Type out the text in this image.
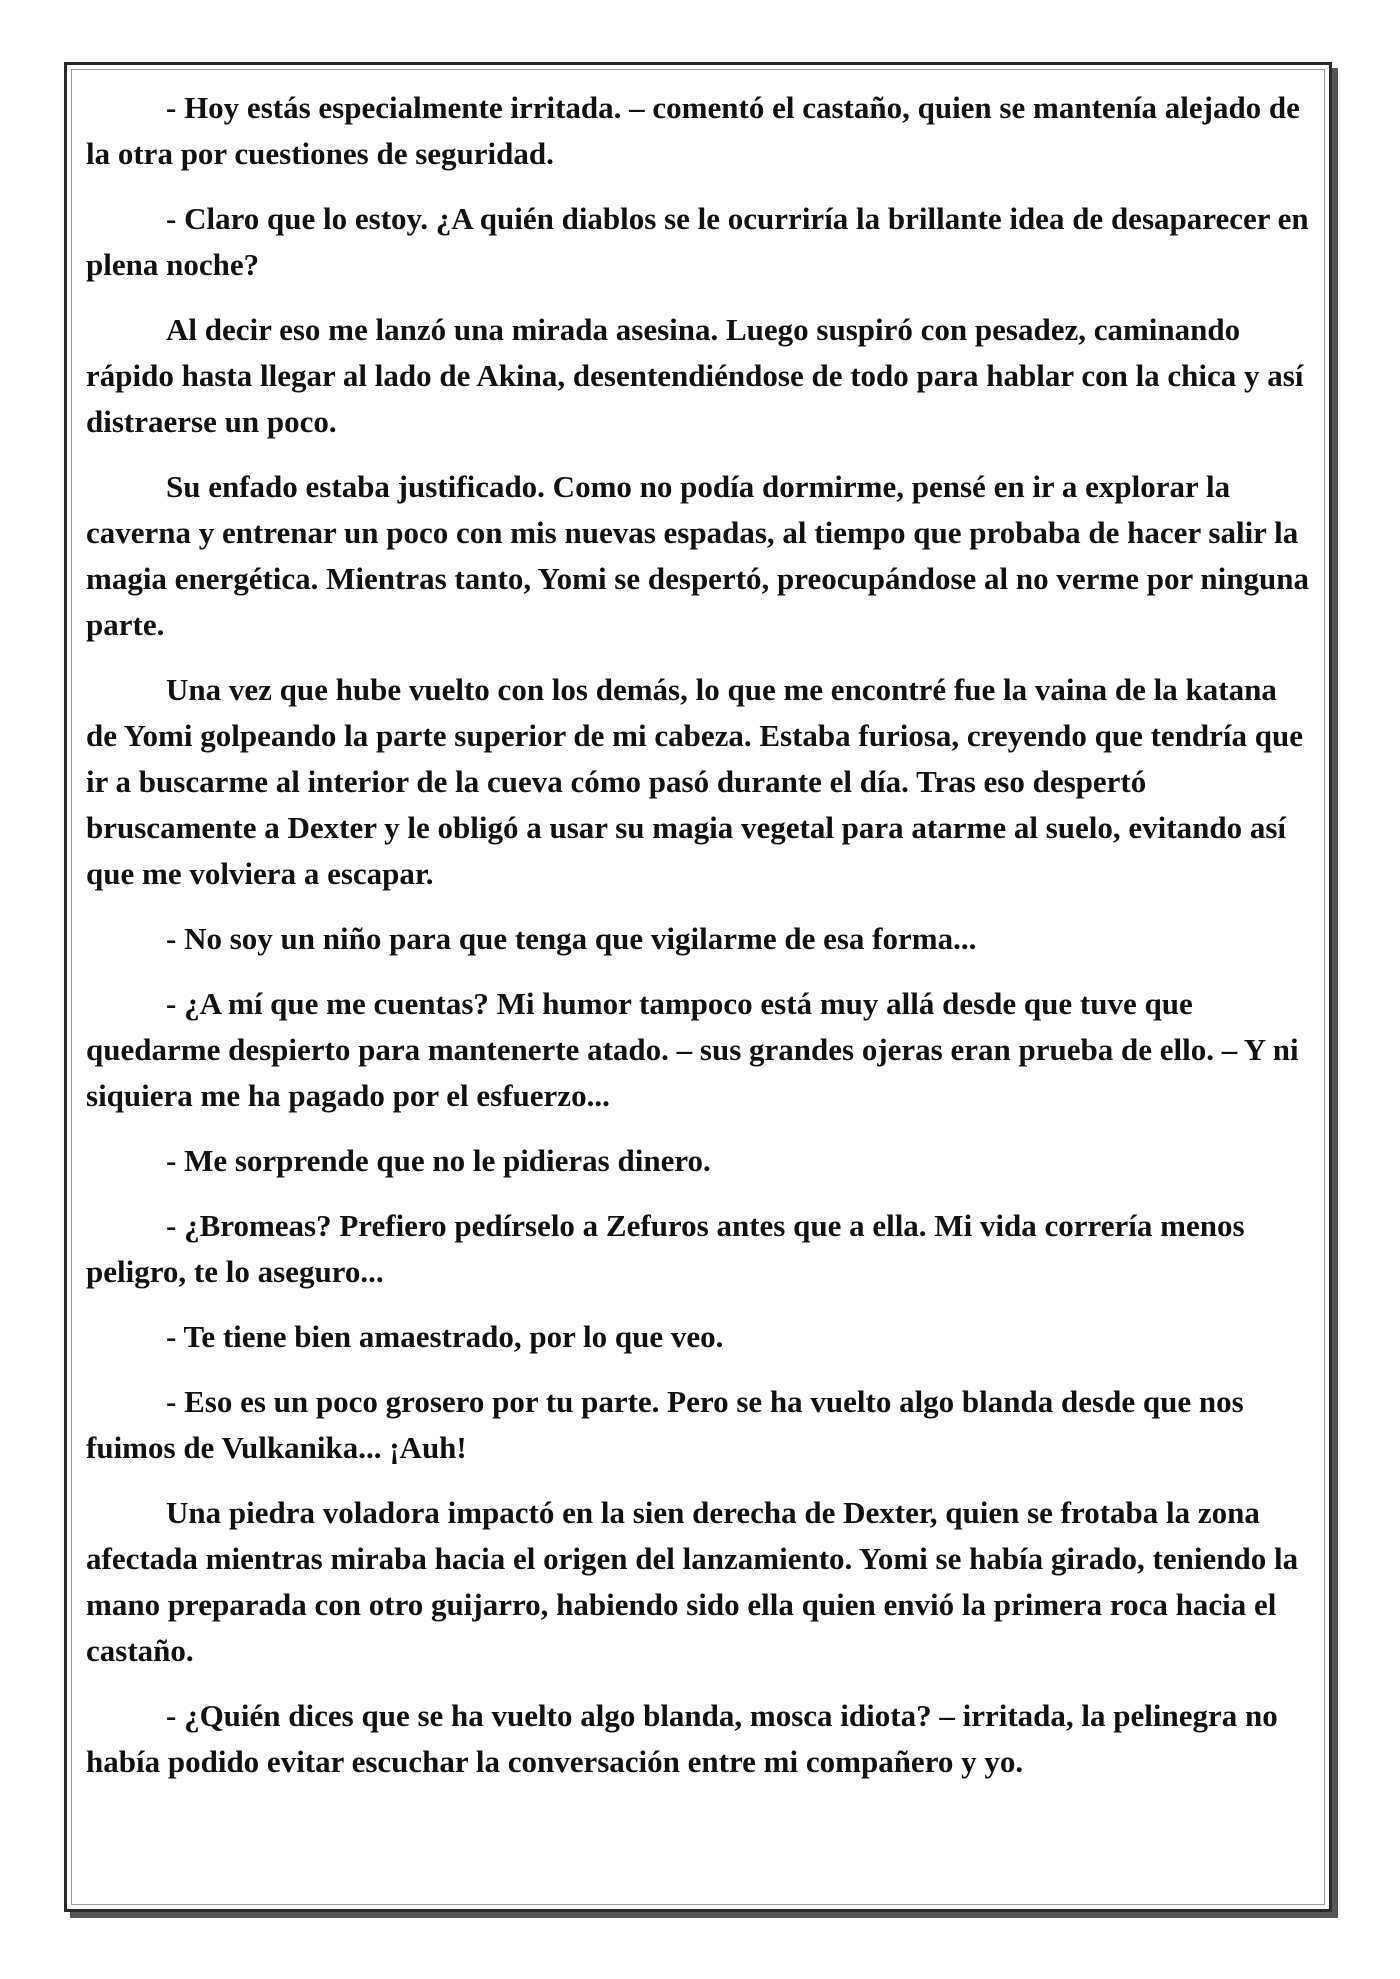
- Hoy estás especialmente irritada. – comentó el castaño, quien se mantenía alejado de la otra por cuestiones de seguridad.

- Claro que lo estoy. ¿A quién diablos se le ocurriría la brillante idea de desaparecer en plena noche?

Al decir eso me lanzó una mirada asesina. Luego suspiró con pesadez, caminando rápido hasta llegar al lado de Akina, desentendiéndose de todo para hablar con la chica y así distraerse un poco.

Su enfado estaba justificado. Como no podía dormirme, pensé en ir a explorar la caverna y entrenar un poco con mis nuevas espadas, al tiempo que probaba de hacer salir la magia energética. Mientras tanto, Yomi se despertó, preocupándose al no verme por ninguna parte.

Una vez que hube vuelto con los demás, lo que me encontré fue la vaina de la katana de Yomi golpeando la parte superior de mi cabeza. Estaba furiosa, creyendo que tendría que ir a buscarme al interior de la cueva cómo pasó durante el día. Tras eso despertó bruscamente a Dexter y le obligó a usar su magia vegetal para atarme al suelo, evitando así que me volviera a escapar.

- No soy un niño para que tenga que vigilarme de esa forma...

- ¿A mí que me cuentas? Mi humor tampoco está muy allá desde que tuve que quedarme despierto para mantenerte atado. – sus grandes ojeras eran prueba de ello. – Y ni siquiera me ha pagado por el esfuerzo...

- Me sorprende que no le pidieras dinero.

- ¿Bromeas? Prefiero pedírselo a Zefuros antes que a ella. Mi vida correría menos peligro, te lo aseguro...

- Te tiene bien amaestrado, por lo que veo.

- Eso es un poco grosero por tu parte. Pero se ha vuelto algo blanda desde que nos fuimos de Vulkanika... ¡Auh!

Una piedra voladora impactó en la sien derecha de Dexter, quien se frotaba la zona afectada mientras miraba hacia el origen del lanzamiento. Yomi se había girado, teniendo la mano preparada con otro guijarro, habiendo sido ella quien envió la primera roca hacia el castaño.

- ¿Quién dices que se ha vuelto algo blanda, mosca idiota? – irritada, la pelinegra no había podido evitar escuchar la conversación entre mi compañero y yo.
